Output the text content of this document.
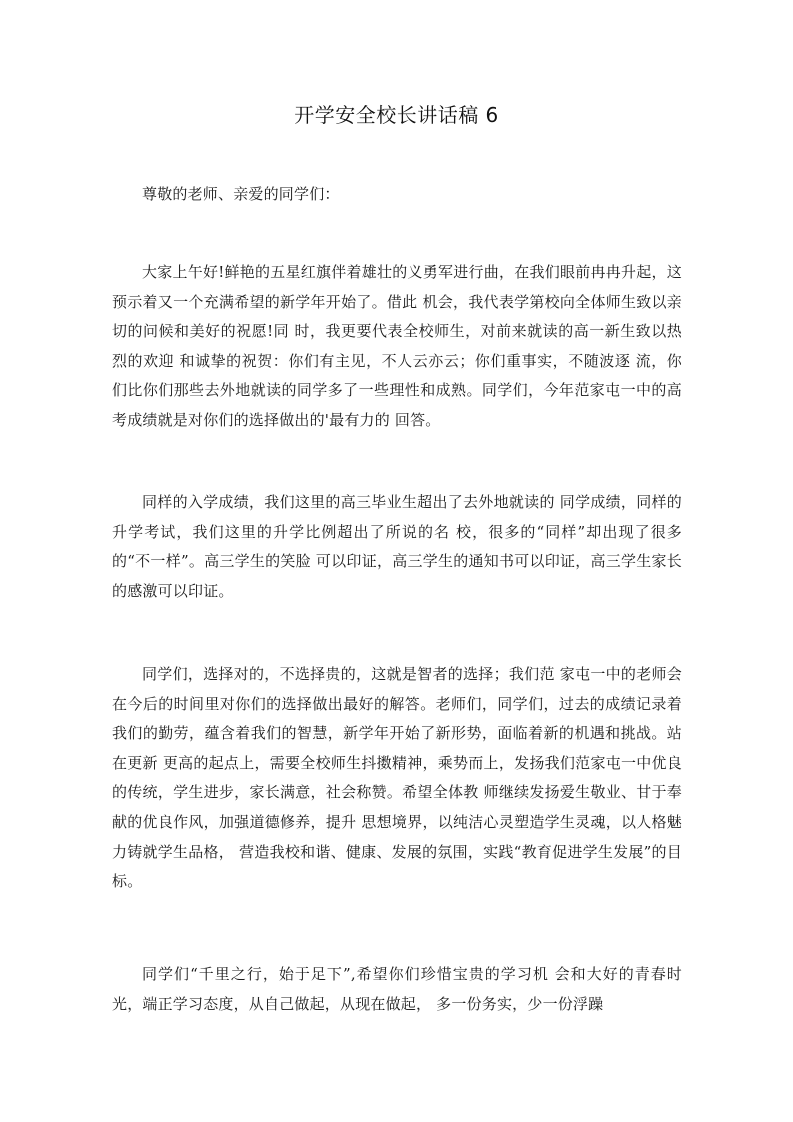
开学安全校长讲话稿 6

尊敬的老师、亲爱的同学们：

大家上午好!鲜艳的五星红旗伴着雄壮的义勇军进行曲，在我们眼前冉冉升起，这预示着又一个充满希望的新学年开始了。借此 机会，我代表学第校向全体师生致以亲切的问候和美好的祝愿!同 时，我更要代表全校师生，对前来就读的高一新生致以热烈的欢迎 和诚挚的祝贺：你们有主见，不人云亦云；你们重事实，不随波逐 流，你们比你们那些去外地就读的同学多了一些理性和成熟。同学们，今年范家屯一中的高考成绩就是对你们的选择做出的'最有力的 回答。

同样的入学成绩，我们这里的高三毕业生超出了去外地就读的 同学成绩，同样的升学考试，我们这里的升学比例超出了所说的名 校，很多的“同样”却出现了很多的“不一样”。高三学生的笑脸 可以印证，高三学生的通知书可以印证，高三学生家长的感激可以印证。

同学们，选择对的，不选择贵的，这就是智者的选择；我们范 家屯一中的老师会在今后的时间里对你们的选择做出最好的解答。老师们，同学们，过去的成绩记录着我们的勤劳，蕴含着我们的智慧，新学年开始了新形势，面临着新的机遇和挑战。站在更新 更高的起点上，需要全校师生抖擞精神，乘势而上，发扬我们范家屯一中优良的传统，学生进步，家长满意，社会称赞。希望全体教 师继续发扬爱生敬业、甘于奉献的优良作风，加强道德修养，提升 思想境界，以纯洁心灵塑造学生灵魂，以人格魅力铸就学生品格， 营造我校和谐、健康、发展的氛围，实践“教育促进学生发展”的目标。

同学们“千里之行，始于足下”,希望你们珍惜宝贵的学习机 会和大好的青春时光，端正学习态度，从自己做起，从现在做起， 多一份务实，少一份浮躁
